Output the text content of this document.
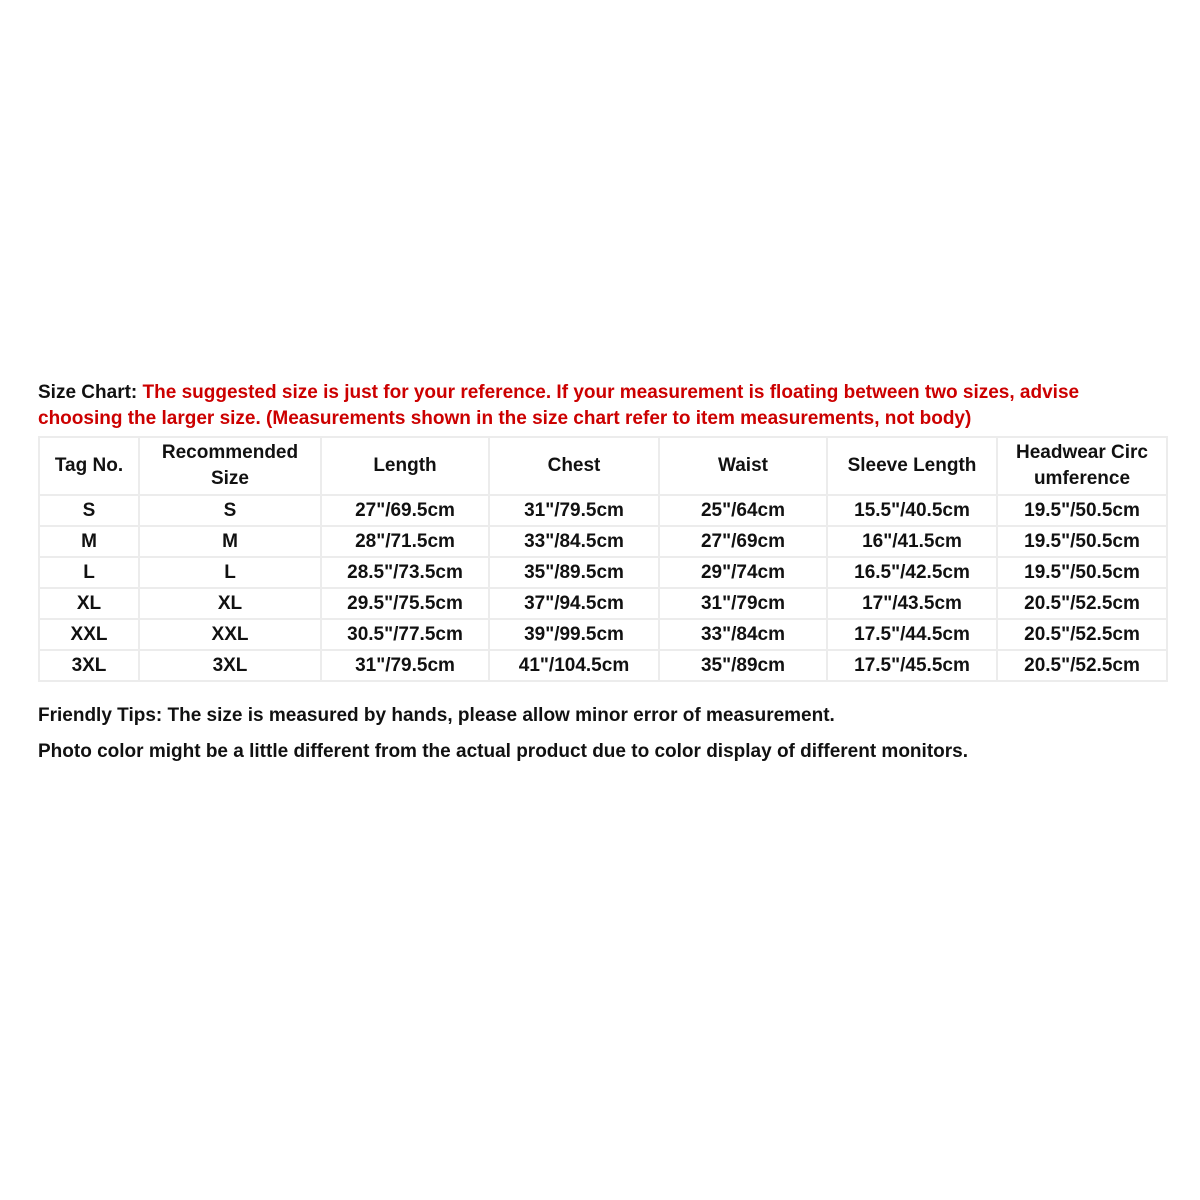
Size Chart: The suggested size is just for your reference. If your measurement is floating between two sizes, advise choosing the larger size. (Measurements shown in the size chart refer to item measurements, not body)

Tag No.	Recommended Size	Length	Chest	Waist	Sleeve Length	Headwear Circ umference
S	S	27"/69.5cm	31"/79.5cm	25"/64cm	15.5"/40.5cm	19.5"/50.5cm
M	M	28"/71.5cm	33"/84.5cm	27"/69cm	16"/41.5cm	19.5"/50.5cm
L	L	28.5"/73.5cm	35"/89.5cm	29"/74cm	16.5"/42.5cm	19.5"/50.5cm
XL	XL	29.5"/75.5cm	37"/94.5cm	31"/79cm	17"/43.5cm	20.5"/52.5cm
XXL	XXL	30.5"/77.5cm	39"/99.5cm	33"/84cm	17.5"/44.5cm	20.5"/52.5cm
3XL	3XL	31"/79.5cm	41"/104.5cm	35"/89cm	17.5"/45.5cm	20.5"/52.5cm
Friendly Tips: The size is measured by hands, please allow minor error of measurement.
Photo color might be a little different from the actual product due to color display of different monitors.
